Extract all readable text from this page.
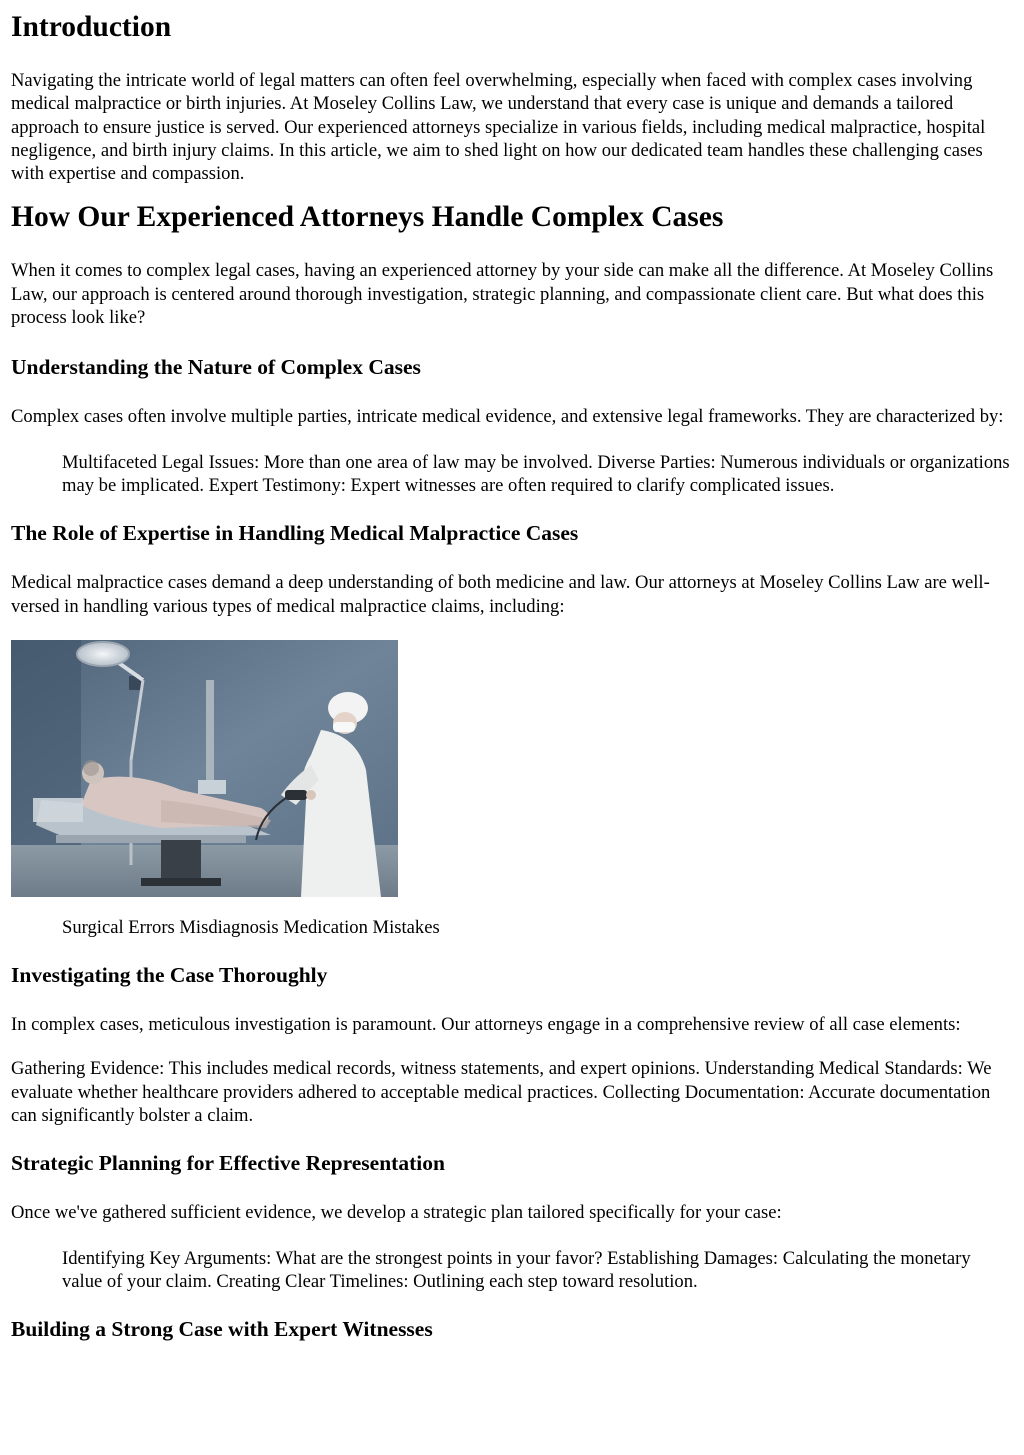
Introduction

Navigating the intricate world of legal matters can often feel overwhelming, especially when faced with complex cases involving medical malpractice or birth injuries. At Moseley Collins Law, we understand that every case is unique and demands a tailored approach to ensure justice is served. Our experienced attorneys specialize in various fields, including medical malpractice, hospital negligence, and birth injury claims. In this article, we aim to shed light on how our dedicated team handles these challenging cases with expertise and compassion.

How Our Experienced Attorneys Handle Complex Cases

When it comes to complex legal cases, having an experienced attorney by your side can make all the difference. At Moseley Collins Law, our approach is centered around thorough investigation, strategic planning, and compassionate client care. But what does this process look like?

Understanding the Nature of Complex Cases

Complex cases often involve multiple parties, intricate medical evidence, and extensive legal frameworks. They are characterized by:

Multifaceted Legal Issues: More than one area of law may be involved. Diverse Parties: Numerous individuals or organizations may be implicated. Expert Testimony: Expert witnesses are often required to clarify complicated issues.
The Role of Expertise in Handling Medical Malpractice Cases

Medical malpractice cases demand a deep understanding of both medicine and law. Our attorneys at Moseley Collins Law are well-versed in handling various types of medical malpractice claims, including:

Surgical Errors Misdiagnosis Medication Mistakes
Investigating the Case Thoroughly

In complex cases, meticulous investigation is paramount. Our attorneys engage in a comprehensive review of all case elements:

Gathering Evidence: This includes medical records, witness statements, and expert opinions. Understanding Medical Standards: We evaluate whether healthcare providers adhered to acceptable medical practices. Collecting Documentation: Accurate documentation can significantly bolster a claim.

Strategic Planning for Effective Representation

Once we've gathered sufficient evidence, we develop a strategic plan tailored specifically for your case:

Identifying Key Arguments: What are the strongest points in your favor? Establishing Damages: Calculating the monetary value of your claim. Creating Clear Timelines: Outlining each step toward resolution.
Building a Strong Case with Expert Witnesses
